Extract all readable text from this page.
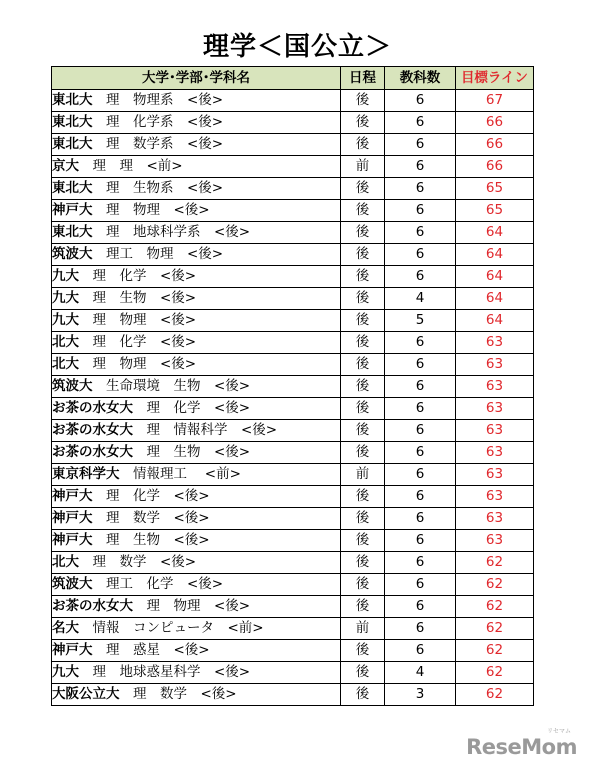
理学＜国公立＞
大学･学部･学科名	日程	教科数	目標ライン
東北大　 理　物理系　<後>	後	6	67
東北大　 理　化学系　<後>	後	6	66
東北大　 理　数学系　<後>	後	6	66
京大　 理　理　<前>	前	6	66
東北大　 理　生物系　<後>	後	6	65
神戸大　 理　物理　<後>	後	6	65
東北大　 理　地球科学系　<後>	後	6	64
筑波大　 理工　物理　<後>	後	6	64
九大　 理　化学　<後>	後	6	64
九大　 理　生物　<後>	後	4	64
九大　 理　物理　<後>	後	5	64
北大　 理　化学　<後>	後	6	63
北大　 理　物理　<後>	後	6	63
筑波大　 生命環境　生物　<後>	後	6	63
お茶の水女大　 理　化学　<後>	後	6	63
お茶の水女大　 理　情報科学　<後>	後	6	63
お茶の水女大　 理　生物　<後>	後	6	63
東京科学大　 情報理工　 <前>	前	6	63
神戸大　 理　化学　<後>	後	6	63
神戸大　 理　数学　<後>	後	6	63
神戸大　 理　生物　<後>	後	6	63
北大　 理　数学　<後>	後	6	62
筑波大　 理工　化学　<後>	後	6	62
お茶の水女大　 理　物理　<後>	後	6	62
名大　 情報　コンピュータ　<前>	前	6	62
神戸大　 理　惑星　<後>	後	6	62
九大　 理　地球惑星科学　<後>	後	4	62
大阪公立大　 理　数学　<後>	後	3	62
リセマム
ReseMom
